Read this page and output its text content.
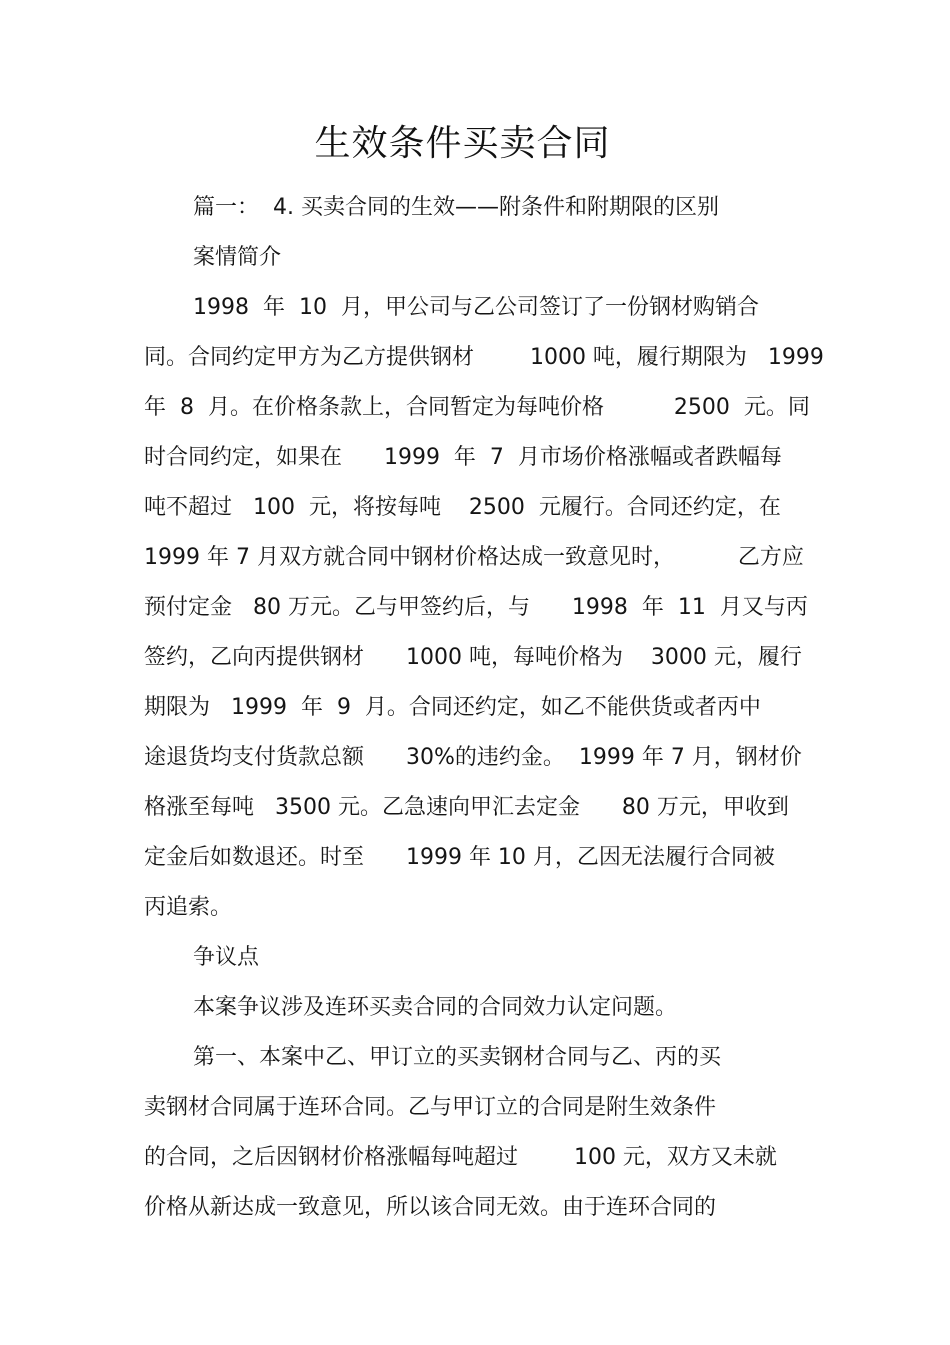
生效条件买卖合同
篇一：  4. 买卖合同的生效——附条件和附期限的区别
案情简介
1998  年  10  月，甲公司与乙公司签订了一份钢材购销合
同。合同约定甲方为乙方提供钢材        1000 吨，履行期限为   1999
年  8  月。在价格条款上，合同暂定为每吨价格          2500  元。同
时合同约定，如果在      1999  年  7  月市场价格涨幅或者跌幅每
吨不超过   100  元，将按每吨    2500  元履行。合同还约定，在
1999 年 7 月双方就合同中钢材价格达成一致意见时，         乙方应
预付定金   80 万元。乙与甲签约后，与      1998  年  11  月又与丙
签约，乙向丙提供钢材      1000 吨，每吨价格为    3000 元，履行
期限为   1999  年  9  月。合同还约定，如乙不能供货或者丙中
途退货均支付货款总额      30%的违约金。  1999 年 7 月，钢材价
格涨至每吨   3500 元。乙急速向甲汇去定金      80 万元，甲收到
定金后如数退还。时至      1999 年 10 月，乙因无法履行合同被
丙追索。
争议点
本案争议涉及连环买卖合同的合同效力认定问题。
第一、本案中乙、甲订立的买卖钢材合同与乙、丙的买
卖钢材合同属于连环合同。乙与甲订立的合同是附生效条件
的合同，之后因钢材价格涨幅每吨超过        100 元，双方又未就
价格从新达成一致意见，所以该合同无效。由于连环合同的
